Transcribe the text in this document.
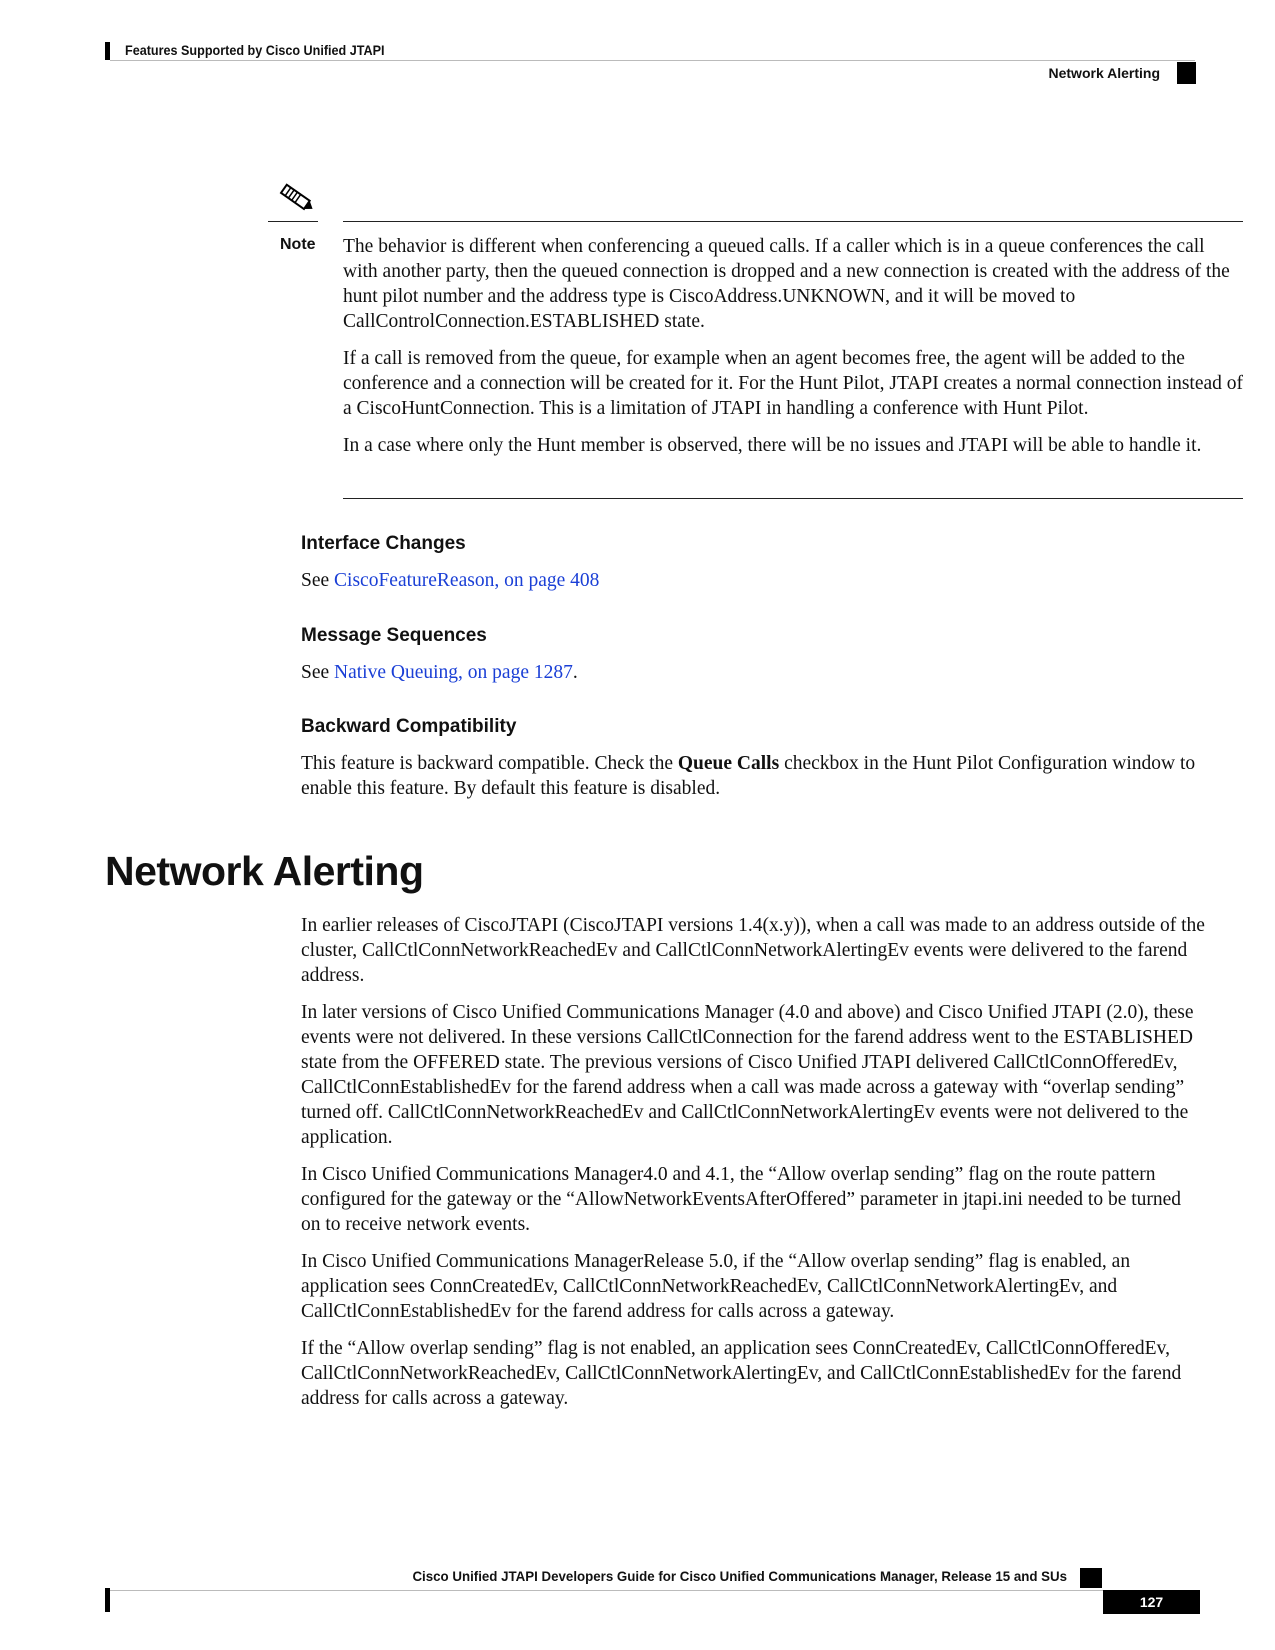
Features Supported by Cisco Unified JTAPI
Network Alerting
Note The behavior is different when conferencing a queued calls. If a caller which is in a queue conferences the call with another party, then the queued connection is dropped and a new connection is created with the address of the hunt pilot number and the address type is CiscoAddress.UNKNOWN, and it will be moved to CallControlConnection.ESTABLISHED state.

If a call is removed from the queue, for example when an agent becomes free, the agent will be added to the conference and a connection will be created for it. For the Hunt Pilot, JTAPI creates a normal connection instead of a CiscoHuntConnection. This is a limitation of JTAPI in handling a conference with Hunt Pilot.

In a case where only the Hunt member is observed, there will be no issues and JTAPI will be able to handle it.

Interface Changes
See CiscoFeatureReason, on page 408
Message Sequences
See Native Queuing, on page 1287.
Backward Compatibility
This feature is backward compatible. Check the Queue Calls checkbox in the Hunt Pilot Configuration window to enable this feature. By default this feature is disabled.
Network Alerting

In earlier releases of CiscoJTAPI (CiscoJTAPI versions 1.4(x.y)), when a call was made to an address outside of the cluster, CallCtlConnNetworkReachedEv and CallCtlConnNetworkAlertingEv events were delivered to the farend address.

In later versions of Cisco Unified Communications Manager (4.0 and above) and Cisco Unified JTAPI (2.0), these events were not delivered. In these versions CallCtlConnection for the farend address went to the ESTABLISHED state from the OFFERED state. The previous versions of Cisco Unified JTAPI delivered CallCtlConnOfferedEv, CallCtlConnEstablishedEv for the farend address when a call was made across a gateway with “overlap sending” turned off. CallCtlConnNetworkReachedEv and CallCtlConnNetworkAlertingEv events were not delivered to the application.

In Cisco Unified Communications Manager4.0 and 4.1, the “Allow overlap sending” flag on the route pattern configured for the gateway or the “AllowNetworkEventsAfterOffered” parameter in jtapi.ini needed to be turned on to receive network events.

In Cisco Unified Communications ManagerRelease 5.0, if the “Allow overlap sending” flag is enabled, an application sees ConnCreatedEv, CallCtlConnNetworkReachedEv, CallCtlConnNetworkAlertingEv, and CallCtlConnEstablishedEv for the farend address for calls across a gateway.

If the “Allow overlap sending” flag is not enabled, an application sees ConnCreatedEv, CallCtlConnOfferedEv, CallCtlConnNetworkReachedEv, CallCtlConnNetworkAlertingEv, and CallCtlConnEstablishedEv for the farend address for calls across a gateway.

Cisco Unified JTAPI Developers Guide for Cisco Unified Communications Manager, Release 15 and SUs
127
